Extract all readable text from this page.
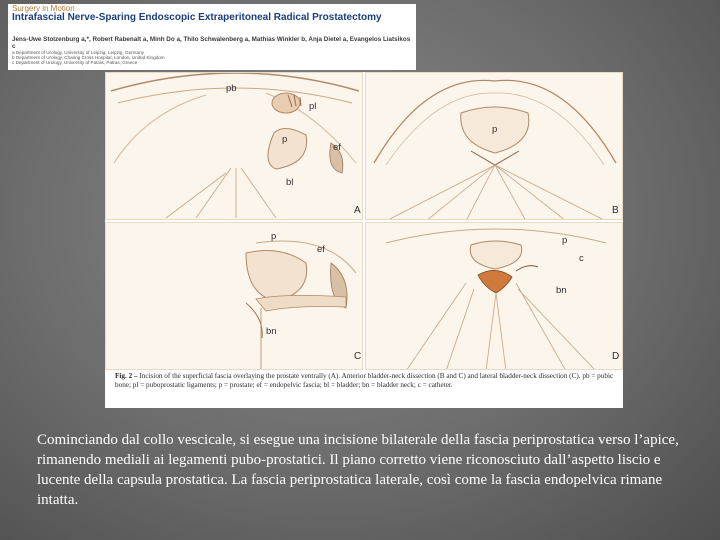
Surgery in Motion
Intrafascial Nerve-Sparing Endoscopic Extraperitoneal Radical Prostatectomy
Jens-Uwe Stolzenburg a,*, Robert Rabenalt a, Minh Do a, Thilo Schwalenberg a, Mathias Winkler b, Anja Dietel a, Evangelos Liatsikos c
a Department of Urology, University of Leipzig, Leipzig, Germany
b Department of Urology, Charing Cross Hospital, London, United Kingdom
c Department of Urology, University of Patras, Patras, Greece
pb
pl
p
ef
bl
A
p
B
p
ef
bn
C
p
c
bn
D
Fig. 2 – Incision of the superficial fascia overlaying the prostate ventrally (A). Anterior bladder-neck dissection (B and C) and lateral bladder-neck dissection (C). pb = pubic bone; pl = puboprostatic ligaments; p = prostate; ef = endopelvic fascia; bl = bladder; bn = bladder neck; c = catheter.

Cominciando dal collo vescicale, si esegue una incisione bilaterale della fascia periprostatica verso l’apice, rimanendo mediali ai legamenti pubo-prostatici. Il piano corretto viene riconosciuto dall’aspetto liscio e lucente della capsula prostatica. La fascia periprostatica laterale, così come la fascia endopelvica rimane intatta.
